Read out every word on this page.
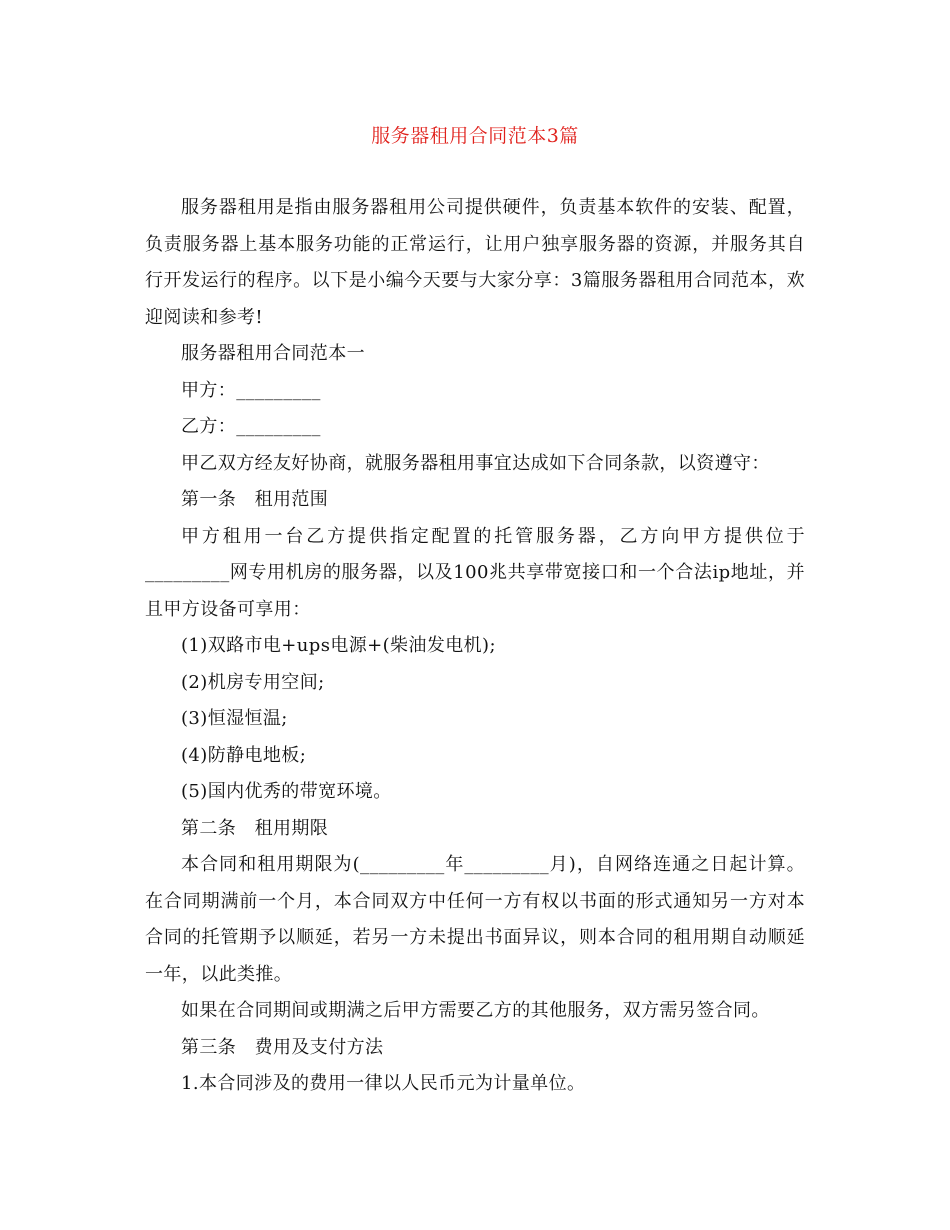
服务器租用合同范本3篇

服务器租用是指由服务器租用公司提供硬件，负责基本软件的安装、配置，负责服务器上基本服务功能的正常运行，让用户独享服务器的资源，并服务其自行开发运行的程序。以下是小编今天要与大家分享：3篇服务器租用合同范本，欢迎阅读和参考!

服务器租用合同范本一

甲方：_________

乙方：_________

甲乙双方经友好协商，就服务器租用事宜达成如下合同条款，以资遵守：

第一条　租用范围

甲方租用一台乙方提供指定配置的托管服务器，乙方向甲方提供位于_________网专用机房的服务器，以及100兆共享带宽接口和一个合法ip地址，并且甲方设备可享用：

(1)双路市电+ups电源+(柴油发电机);

(2)机房专用空间;

(3)恒湿恒温;

(4)防静电地板;

(5)国内优秀的带宽环境。

第二条　租用期限

本合同和租用期限为(_________年_________月)，自网络连通之日起计算。在合同期满前一个月，本合同双方中任何一方有权以书面的形式通知另一方对本合同的托管期予以顺延，若另一方未提出书面异议，则本合同的租用期自动顺延一年，以此类推。

如果在合同期间或期满之后甲方需要乙方的其他服务，双方需另签合同。

第三条　费用及支付方法

1.本合同涉及的费用一律以人民币元为计量单位。
